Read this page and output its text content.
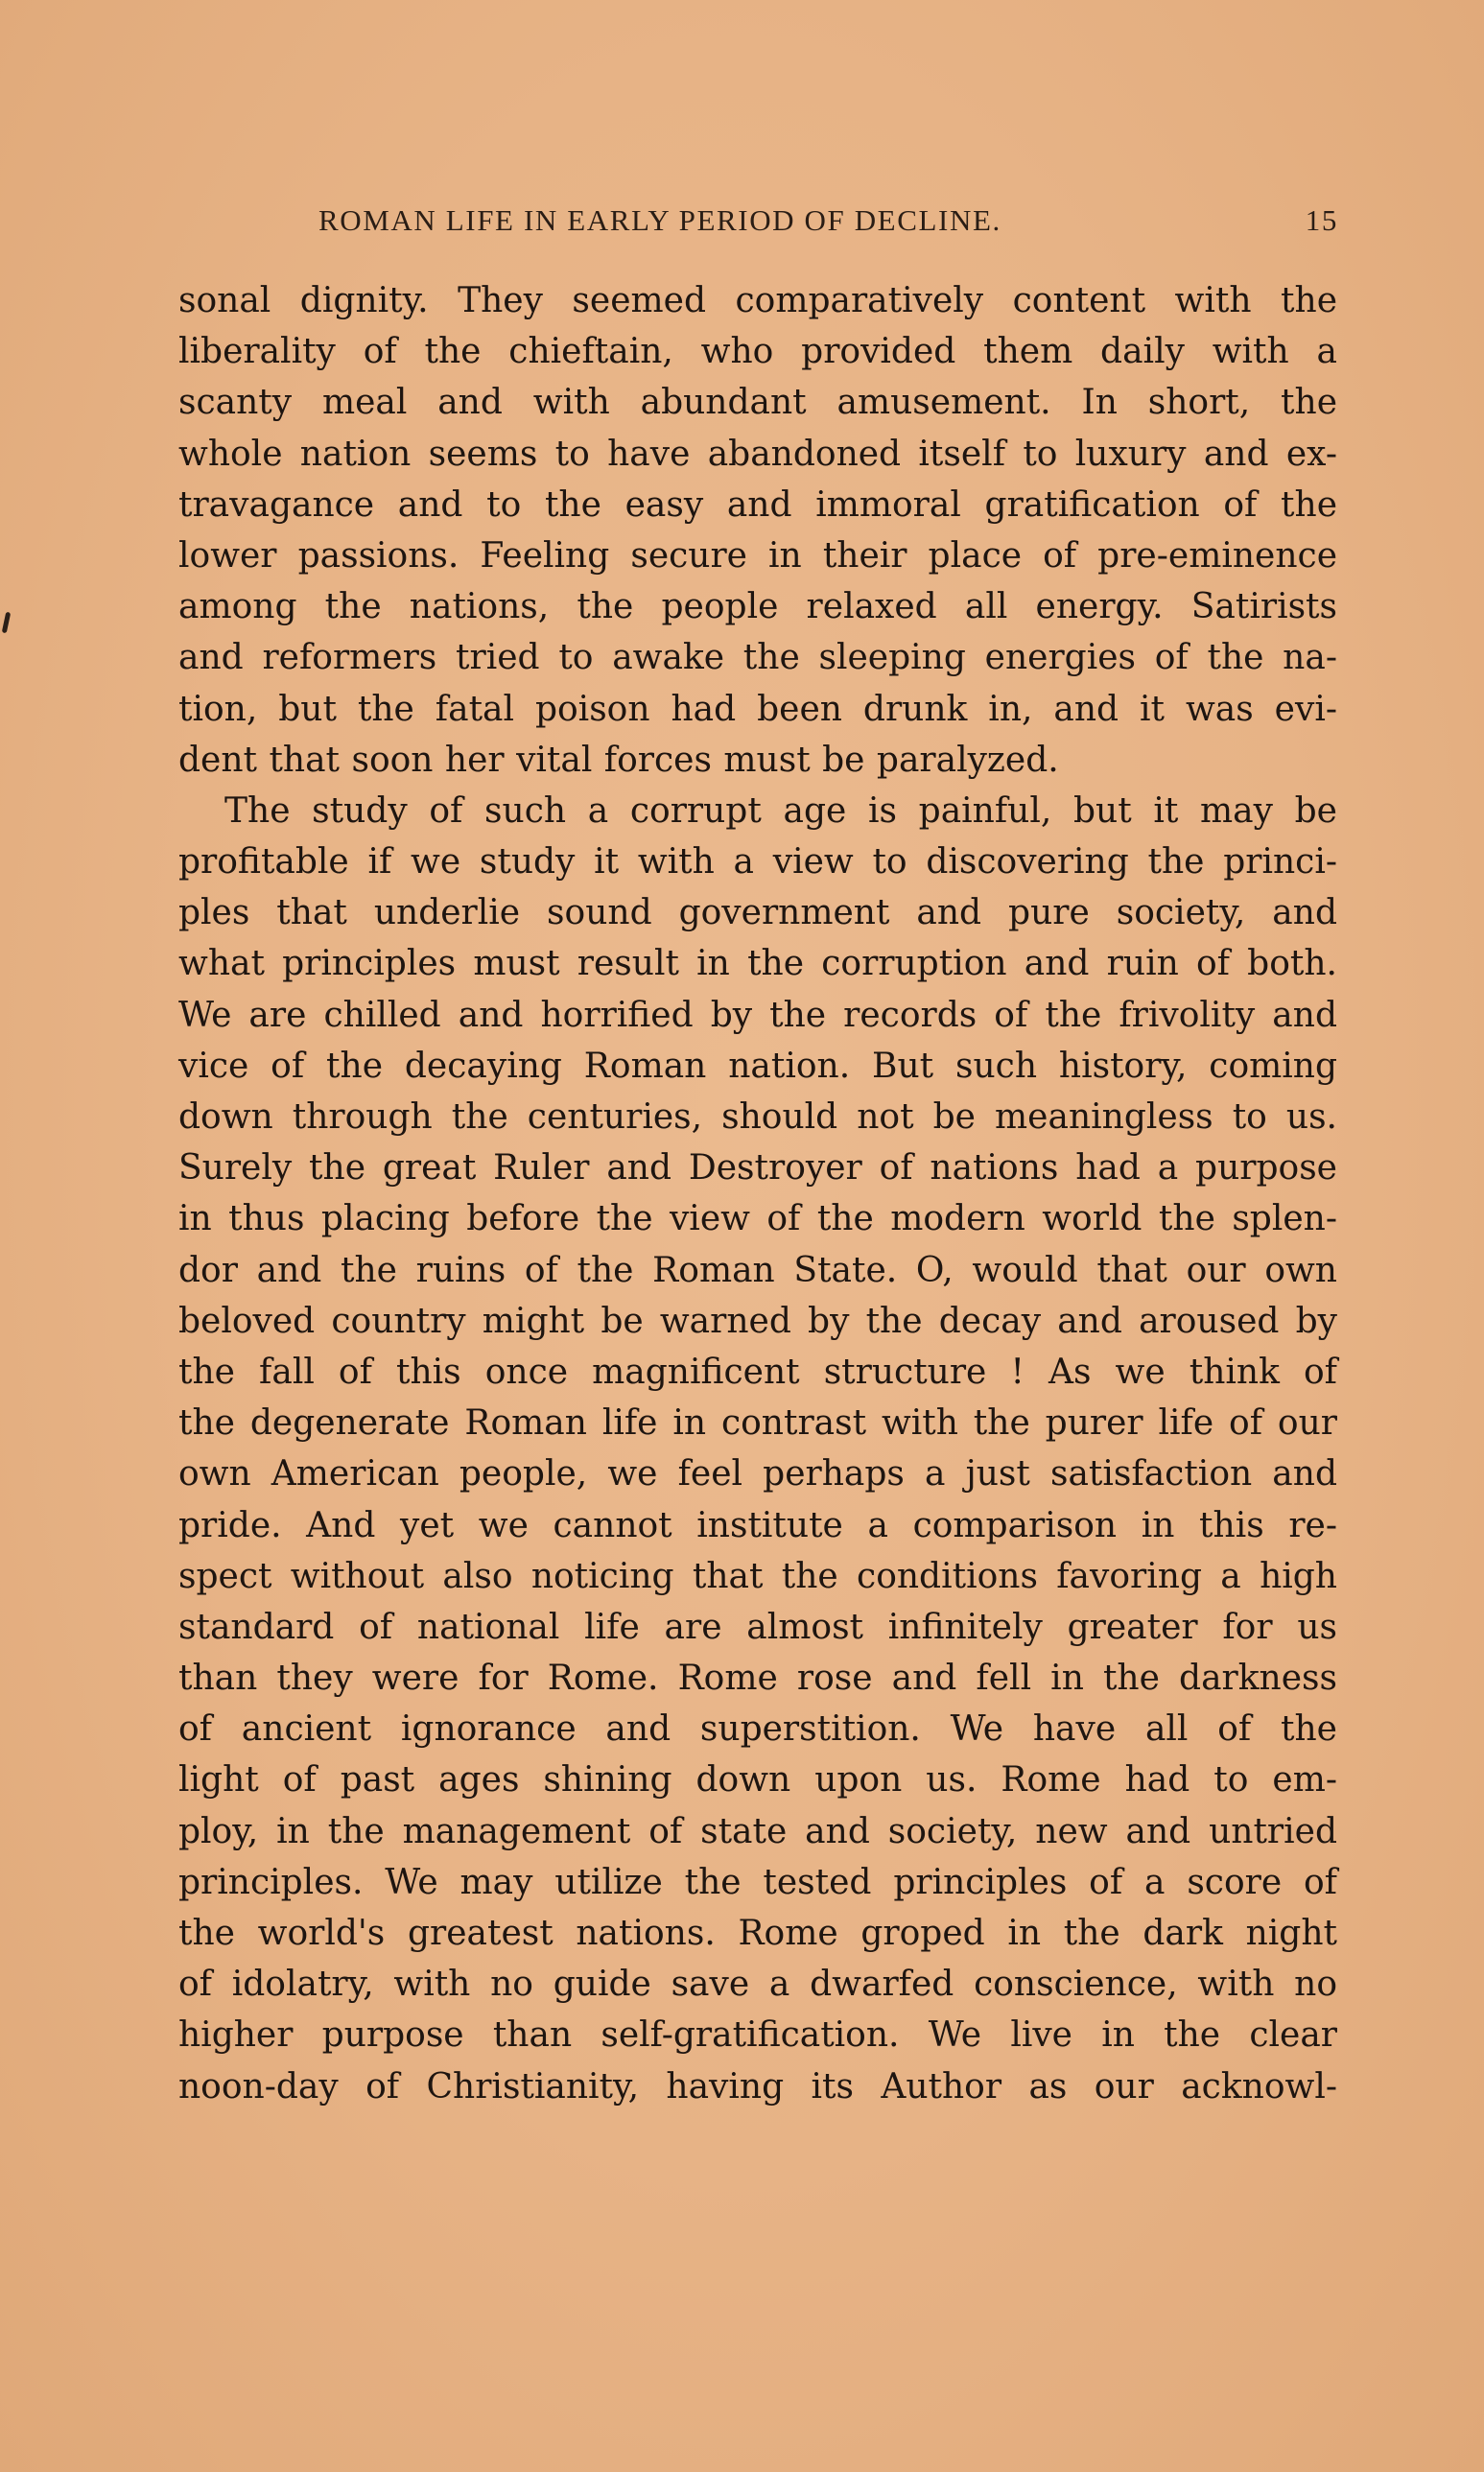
ROMAN LIFE IN EARLY PERIOD OF DECLINE.	15
sonal dignity. They seemed comparatively content with the
liberality of the chieftain, who provided them daily with a
scanty meal and with abundant amusement. In short, the
whole nation seems to have abandoned itself to luxury and ex-
travagance and to the easy and immoral gratification of the
lower passions. Feeling secure in their place of pre-eminence
among the nations, the people relaxed all energy. Satirists
and reformers tried to awake the sleeping energies of the na-
tion, but the fatal poison had been drunk in, and it was evi-
dent that soon her vital forces must be paralyzed.
The study of such a corrupt age is painful, but it may be
profitable if we study it with a view to discovering the princi-
ples that underlie sound government and pure society, and
what principles must result in the corruption and ruin of both.
We are chilled and horrified by the records of the frivolity and
vice of the decaying Roman nation. But such history, coming
down through the centuries, should not be meaningless to us.
Surely the great Ruler and Destroyer of nations had a purpose
in thus placing before the view of the modern world the splen-
dor and the ruins of the Roman State. O, would that our own
beloved country might be warned by the decay and aroused by
the fall of this once magnificent structure ! As we think of
the degenerate Roman life in contrast with the purer life of our
own American people, we feel perhaps a just satisfaction and
pride. And yet we cannot institute a comparison in this re-
spect without also noticing that the conditions favoring a high
standard of national life are almost infinitely greater for us
than they were for Rome. Rome rose and fell in the darkness
of ancient ignorance and superstition. We have all of the
light of past ages shining down upon us. Rome had to em-
ploy, in the management of state and society, new and untried
principles. We may utilize the tested principles of a score of
the world's greatest nations. Rome groped in the dark night
of idolatry, with no guide save a dwarfed conscience, with no
higher purpose than self-gratification. We live in the clear
noon-day of Christianity, having its Author as our acknowl-
